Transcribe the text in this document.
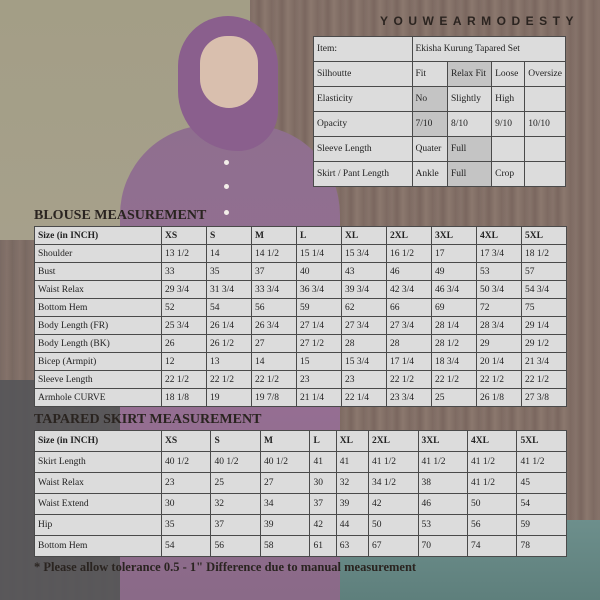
YOUWEARMODESTY
Item:	Ekisha Kurung Tapared Set			
Silhoutte	Fit	Relax Fit	Loose	Oversize
Elasticity	No	Slightly	High	
Opacity	7/10	8/10	9/10	10/10
Sleeve Length	Quater	Full		
Skirt / Pant Length	Ankle	Full	Crop	
BLOUSE MEASUREMENT
Size (in INCH)	XS	S	M	L	XL	2XL	3XL	4XL	5XL
Shoulder	13 1/2	14	14 1/2	15 1/4	15 3/4	16 1/2	17	17 3/4	18 1/2
Bust	33	35	37	40	43	46	49	53	57
Waist Relax	29 3/4	31 3/4	33 3/4	36 3/4	39 3/4	42 3/4	46 3/4	50 3/4	54 3/4
Bottom Hem	52	54	56	59	62	66	69	72	75
Body Length (FR)	25 3/4	26 1/4	26 3/4	27 1/4	27 3/4	27 3/4	28 1/4	28 3/4	29 1/4
Body Length (BK)	26	26 1/2	27	27 1/2	28	28	28 1/2	29	29 1/2
Bicep (Armpit)	12	13	14	15	15 3/4	17 1/4	18 3/4	20 1/4	21 3/4
Sleeve Length	22 1/2	22 1/2	22 1/2	23	23	22 1/2	22 1/2	22 1/2	22 1/2
Armhole CURVE	18 1/8	19	19 7/8	21 1/4	22 1/4	23 3/4	25	26 1/8	27 3/8
TAPARED SKIRT MEASUREMENT
Size (in INCH)	XS	S	M	L	XL	2XL	3XL	4XL	5XL
Skirt Length	40 1/2	40 1/2	40 1/2	41	41	41 1/2	41 1/2	41 1/2	41 1/2
Waist Relax	23	25	27	30	32	34 1/2	38	41 1/2	45
Waist Extend	30	32	34	37	39	42	46	50	54
Hip	35	37	39	42	44	50	53	56	59
Bottom Hem	54	56	58	61	63	67	70	74	78
* Please allow tolerance 0.5 - 1" Difference due to manual measurement
